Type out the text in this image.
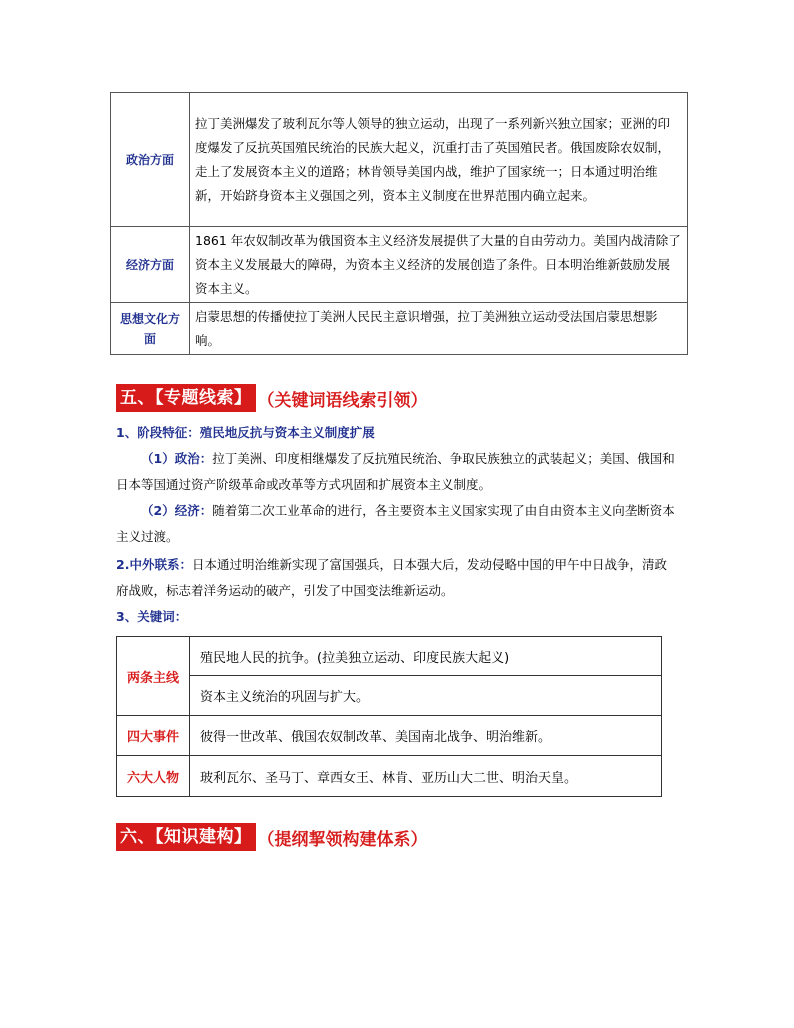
政治方面	拉丁美洲爆发了玻利瓦尔等人领导的独立运动，出现了一系列新兴独立国家；亚洲的印度爆发了反抗英国殖民统治的民族大起义，沉重打击了英国殖民者。俄国废除农奴制，走上了发展资本主义的道路；林肯领导美国内战，维护了国家统一；日本通过明治维新，开始跻身资本主义强国之列，资本主义制度在世界范围内确立起来。
经济方面	1861 年农奴制改革为俄国资本主义经济发展提供了大量的自由劳动力。美国内战清除了资本主义发展最大的障碍，为资本主义经济的发展创造了条件。日本明治维新鼓励发展资本主义。
思想文化方面	启蒙思想的传播使拉丁美洲人民民主意识增强，拉丁美洲独立运动受法国启蒙思想影响。
五、【专题线索】 （关键词语线索引领）
1、阶段特征：殖民地反抗与资本主义制度扩展
（1）政治：拉丁美洲、印度相继爆发了反抗殖民统治、争取民族独立的武装起义；美国、俄国和日本等国通过资产阶级革命或改革等方式巩固和扩展资本主义制度。
（2）经济：随着第二次工业革命的进行，各主要资本主义国家实现了由自由资本主义向垄断资本主义过渡。
2.中外联系：日本通过明治维新实现了富国强兵，日本强大后，发动侵略中国的甲午中日战争，清政府战败，标志着洋务运动的破产，引发了中国变法维新运动。
3、关键词：
两条主线	殖民地人民的抗争。(拉美独立运动、印度民族大起义)
	资本主义统治的巩固与扩大。
四大事件	彼得一世改革、俄国农奴制改革、美国南北战争、明治维新。
六大人物	玻利瓦尔、圣马丁、章西女王、林肯、亚历山大二世、明治天皇。
六、【知识建构】 （提纲挈领构建体系）
